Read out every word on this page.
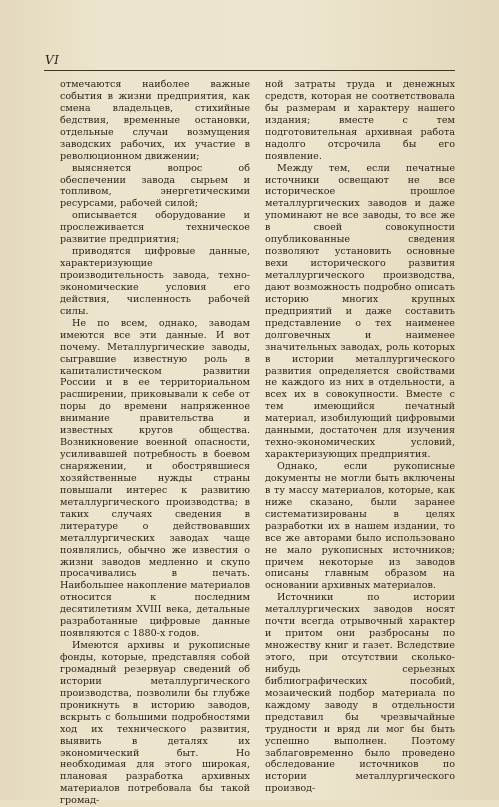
VI

отмечаются наиболее важные события в жизни предприятия, как смена владельцев, стихийные бедствия, временные остановки, отдельные случаи возмущения заводских рабочих, их участие в революционном движении;

выясняется вопрос об обеспечении завода сырьем и топливом, энергетическими ресурсами, рабочей силой;

описывается оборудование и прослеживается техническое развитие предприятия;

приводятся цифровые данные, характеризующие производительность завода, техно-экономические условия его действия, численность рабочей силы.

Не по всем, однако, заводам имеются все эти данные. И вот почему. Металлургические заводы, сыгравшие известную роль в капиталистическом развитии России и в ее территориальном расширении, приковывали к себе от поры до времени напряженное внимание правительства и известных кругов общества. Возникновение военной опасности, усиливавшей потребность в боевом снаряжении, и обострявшиеся хозяйственные нужды страны повышали интерес к развитию металлургического производства; в таких случаях сведения в литературе о действовавших металлургических заводах чаще появлялись, обычно же известия о жизни заводов медленно и скупо просачивались в печать. Наибольшее накопление материалов относится к последним десятилетиям XVIII века, детальные разработанные цифровые данные появляются с 1880-х годов.

Имеются архивы и рукописные фонды, которые, представляя собой громадный резервуар сведений об истории металлургического производства, позволили бы глубже проникнуть в историю заводов, вскрыть с большими подробностями ход их технического развития, выявить в деталях их экономический быт. Но необходимая для этого широкая, плановая разработка архивных материалов потребовала бы такой громад-

ной затраты труда и денежных средств, которая не соответствовала бы размерам и характеру нашего издания; вместе с тем подготовительная архивная работа надолго отсрочила бы его появление.

Между тем, если печатные источники освещают не все историческое прошлое металлургических заводов и даже упоминают не все заводы, то все же в своей совокупности опубликованные сведения позволяют установить основные вехи исторического развития металлургического производства, дают возможность подробно описать историю многих крупных предприятий и даже составить представление о тех наименее долговечных и наименее значительных заводах, роль которых в истории металлургического развития определяется свойствами не каждого из них в отдельности, а всех их в совокупности. Вместе с тем имеющийся печатный материал, изобилующий цифровыми данными, достаточен для изучения техно-экономических условий, характеризующих предприятия.

Однако, если рукописные документы не могли быть включены в ту массу материалов, которые, как ниже сказано, были заранее систематизированы в целях разработки их в нашем издании, то все же авторами было использовано не мало рукописных источников; причем некоторые из заводов описаны главным образом на основании архивных материалов.

Источники по истории металлургических заводов носят почти всегда отрывочный характер и притом они разбросаны по множеству книг и газет. Вследствие этого, при отсутствии сколько-нибудь серьезных библиографических пособий, мозаический подбор материала по каждому заводу в отдельности представил бы чрезвычайные трудности и вряд ли мог бы быть успешно выполнен. Поэтому заблаговременно было проведено обследование источников по истории металлургического производ-
